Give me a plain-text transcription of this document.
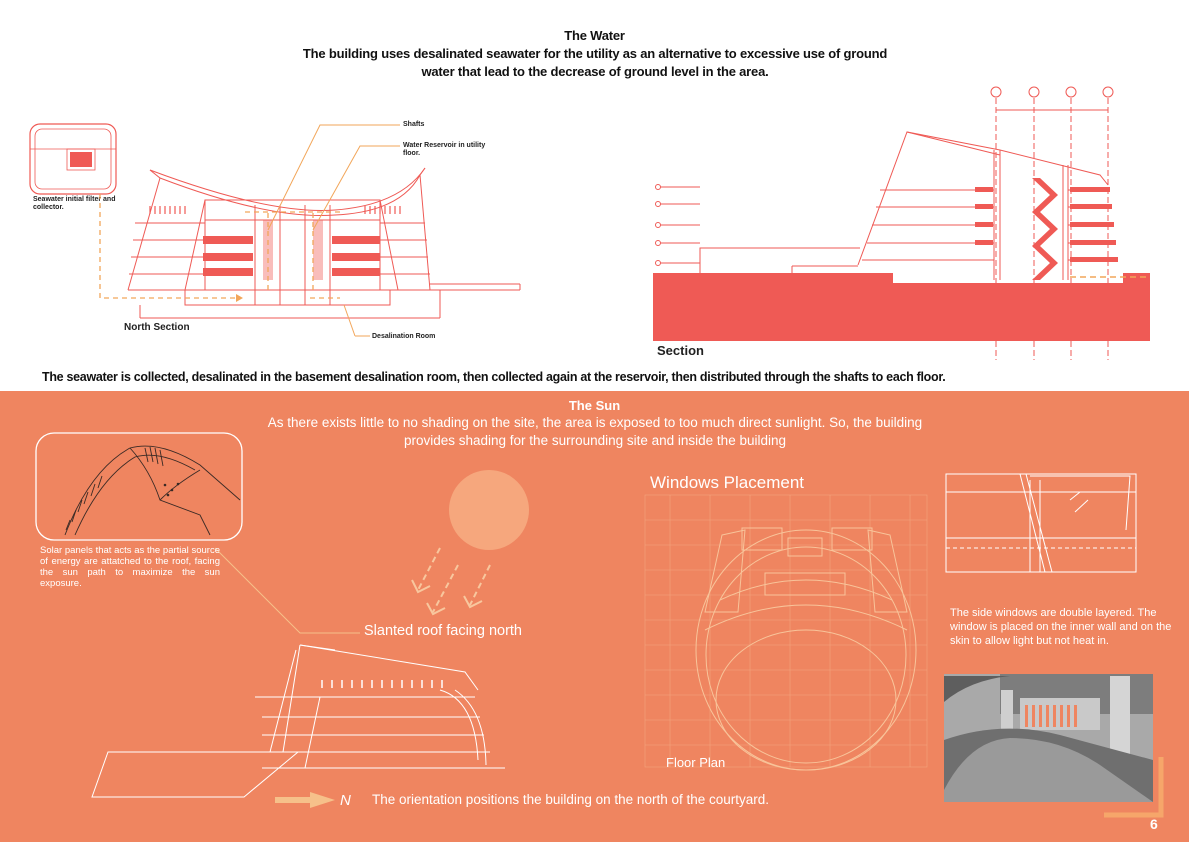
The Water
The building uses desalinated seawater for the utility as an alternative to excessive use of ground water that lead to the decrease of ground level in the area.
Seawater initial filter and collector.
Shafts
Water Reservoir in utility floor.
North Section
Desalination Room
Section
The seawater is collected, desalinated in the basement desalination room, then collected again at the reservoir, then distributed through the shafts to each floor.
The Sun
As there exists little to no shading on the site, the area is exposed to too much direct sunlight. So, the building provides shading for the surrounding site and inside the building
Solar panels that acts as the partial source of energy are attatched to the roof, facing the sun path to maximize the sun exposure.
Slanted roof facing north
N The orientation positions the building on the north of the courtyard.
Windows Placement
Floor Plan
The side windows are double layered. The window is placed on the inner wall and on the skin to allow light but not heat in.
6
